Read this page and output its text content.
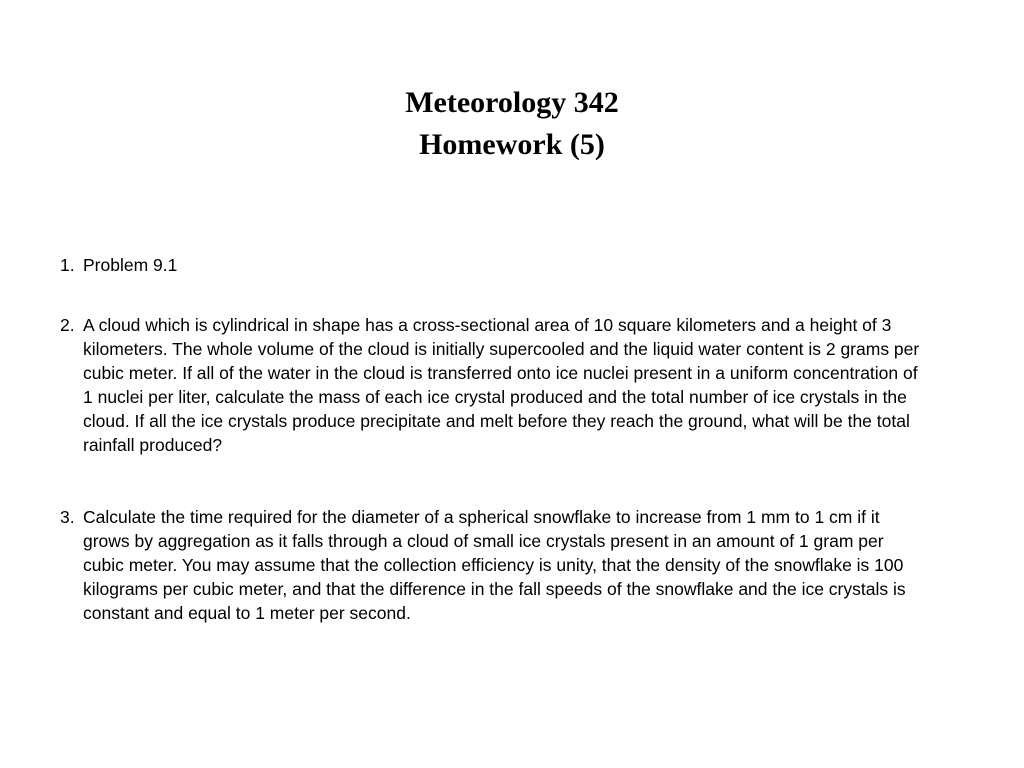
Meteorology 342
Homework (5)
1. Problem 9.1
2. A cloud which is cylindrical in shape has a cross-sectional area of 10 square kilometers and a height of 3 kilometers. The whole volume of the cloud is initially supercooled and the liquid water content is 2 grams per cubic meter. If all of the water in the cloud is transferred onto ice nuclei present in a uniform concentration of 1 nuclei per liter, calculate the mass of each ice crystal produced and the total number of ice crystals in the cloud. If all the ice crystals produce precipitate and melt before they reach the ground, what will be the total rainfall produced?
3. Calculate the time required for the diameter of a spherical snowflake to increase from 1 mm to 1 cm if it grows by aggregation as it falls through a cloud of small ice crystals present in an amount of 1 gram per cubic meter. You may assume that the collection efficiency is unity, that the density of the snowflake is 100 kilograms per cubic meter, and that the difference in the fall speeds of the snowflake and the ice crystals is constant and equal to 1 meter per second.
